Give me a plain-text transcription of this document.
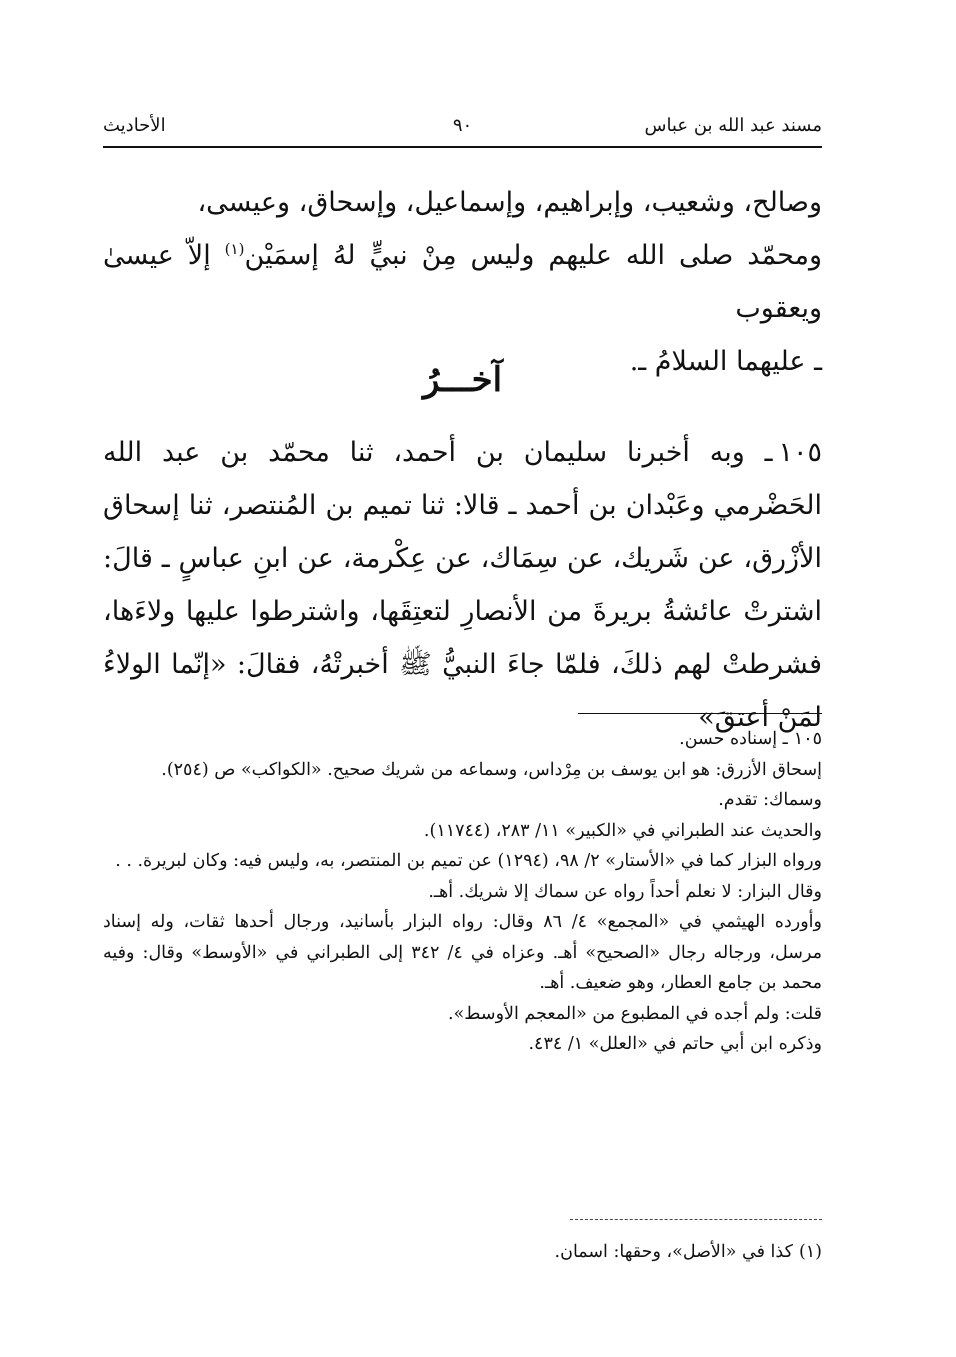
مسند عبد الله بن عباس
٩٠
الأحاديث

وصالح، وشعيب، وإبراهيم، وإسماعيل، وإسحاق، وعيسى،

ومحمّد صلى الله عليهم وليس مِنْ نبيٍّ لهُ إسمَيْن$^{(١)}$ إلاّ عيسىٰ ويعقوب

ـ عليهما السلامُ ـ.

آخـــرُ

١٠٥ـ وبه أخبرنا سليمان بن أحمد، ثنا محمّد بن عبد الله الحَضْرمي وعَبْدان بن أحمد ـ قالا: ثنا تميم بن المُنتصر، ثنا إسحاق الأزْرق، عن شَريك، عن سِمَاك، عن عِكْرمة، عن ابنِ عباسٍ ـ قالَ: اشترتْ عائشةُ بريرةَ من الأنصارِ لتعتِقَها، واشترطوا عليها ولاءَها، فشرطتْ لهم ذلكَ، فلمّا جاءَ النبيُّ ﷺ أخبرتْهُ، فقالَ: «إنّما الولاءُ لمَنْ أعتقَ»

١٠٥ـ إسناده حسن.

إسحاق الأزرق: هو ابن يوسف بن مِرْداس، وسماعه من شريك صحيح. «الكواكب» ص (٢٥٤).

وسماك: تقدم.

والحديث عند الطبراني في «الكبير» ١١/ ٢٨٣، (١١٧٤٤).

ورواه البزار كما في «الأستار» ٢/ ٩٨، (١٢٩٤) عن تميم بن المنتصر، به، وليس فيه: وكان لبريرة. . .

وقال البزار: لا نعلم أحداً رواه عن سماك إلا شريك. أهـ.

وأورده الهيثمي في «المجمع» ٤/ ٨٦ وقال: رواه البزار بأسانيد، ورجال أحدها ثقات، وله إسناد مرسل، ورجاله رجال «الصحيح» أهـ. وعزاه في ٤/ ٣٤٢ إلى الطبراني في «الأوسط» وقال: وفيه محمد بن جامع العطار، وهو ضعيف. أهـ.

قلت: ولم أجده في المطبوع من «المعجم الأوسط».

وذكره ابن أبي حاتم في «العلل» ١/ ٤٣٤.

(١)كذا في «الأصل»، وحقها: اسمان.
